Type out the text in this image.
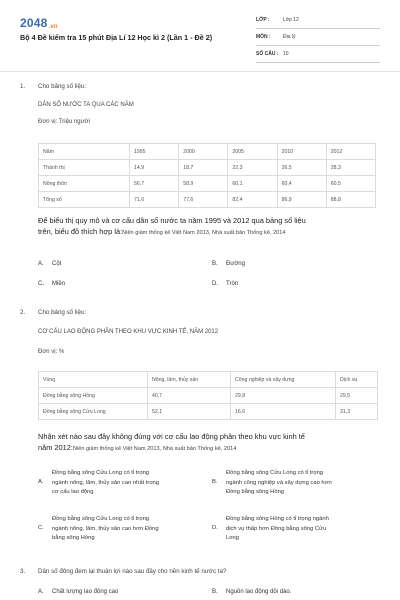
2048.vn
Bộ 4 Đề kiểm tra 15 phút Địa Lí 12 Học kì 2 (Lần 1 - Đề 2)
LỚP :	Lớp 12
MÔN : Địa lý
SỐ CÂU : 10
1. Cho bảng số liệu:
DÂN SỐ NƯỚC TA QUA CÁC NĂM
Đơn vị: Triệu người
Năm	1995	2000	2005	2010	2012
Thành thị	14,9	18,7	22,3	26,5	28,3
Nông thôn	56,7	58,9	60,1	60,4	60,5
Tổng số	71,6	77,6	82,4	86,9	88,8
Để biểu thị quy mô và cơ cấu dân số nước ta năm 1995 và 2012 qua bảng số liệu
trên, biểu đồ thích hợp là:Niên giám thống kê Việt Nam 2013, Nhà xuất bản Thống kê, 2014
A. Cột	B. Đường
C. Miền	D. Tròn
2. Cho bảng số liệu:
CƠ CẤU LAO ĐỘNG PHÂN THEO KHU VỰC KINH TẾ, NĂM 2012
Đơn vị: %
Vùng	Nông, lâm, thủy sản	Công nghiệp và xây dựng	Dịch vụ
Đồng bằng sông Hồng	40,7	29,8	29,5
Đồng bằng sông Cửu Long	52,1	16,6	31,3
Nhận xét nào sau đây không đúng với cơ cấu lao động phân theo khu vực kinh tế
năm 2012:Niên giám thống kê Việt Nam 2013, Nhà xuất bản Thống kê, 2014
A.
Đồng bằng sông Cửu Long có tỉ trọng
ngành nông, lâm, thủy sản cao nhất trong
cơ cấu lao động
B.
Đồng bằng sông Cửu Long có tỉ trọng
ngành công nghiệp và xây dựng cao hơn
Đồng bằng sông Hồng
C.
Đồng bằng sông Cửu Long có tỉ trọng
ngành nông, lâm, thủy sản cao hơn Đồng
bằng sông Hồng
D.
Đồng bằng sông Hồng có tỉ trọng ngành
dịch vụ thấp hơn Đồng bằng sông Cửu
Long
3. Dân số đông đem lại thuận lợi nào sau đây cho nền kinh tế nước ta?
A. Chất lượng lao động cao	B. Nguồn lao động dồi dào.
